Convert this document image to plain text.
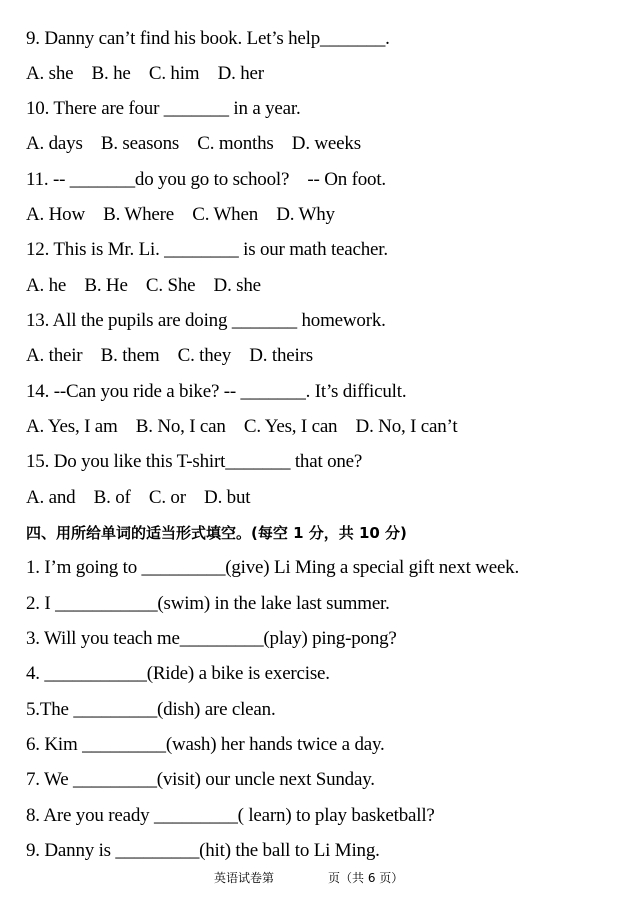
9. Danny can’t find his book. Let’s help_______.
A. she    B. he    C. him    D. her
10. There are four _______ in a year.
A. days    B. seasons    C. months    D. weeks
11. -- _______do you go to school?    -- On foot.
A. How    B. Where    C. When    D. Why
12. This is Mr. Li. ________ is our math teacher.
A. he    B. He    C. She    D. she
13. All the pupils are doing _______ homework.
A. their    B. them    C. they    D. theirs
14. --Can you ride a bike? -- _______. It’s difficult.
A. Yes, I am    B. No, I can    C. Yes, I can    D. No, I can’t
15. Do you like this T-shirt_______ that one?
A. and    B. of    C. or    D. but
四、用所给单词的适当形式填空。(每空 1 分，共 10 分)
1. I’m going to _________(give) Li Ming a special gift next week.
2. I ___________(swim) in the lake last summer.
3. Will you teach me_________(play) ping-pong?
4. ___________(Ride) a bike is exercise.
5.The _________(dish) are clean.
6. Kim _________(wash) her hands twice a day.
7. We _________(visit) our uncle next Sunday.
8. Are you ready _________( learn) to play basketball?
9. Danny is _________(hit) the ball to Li Ming.
英语试卷第	页（共 6 页）
